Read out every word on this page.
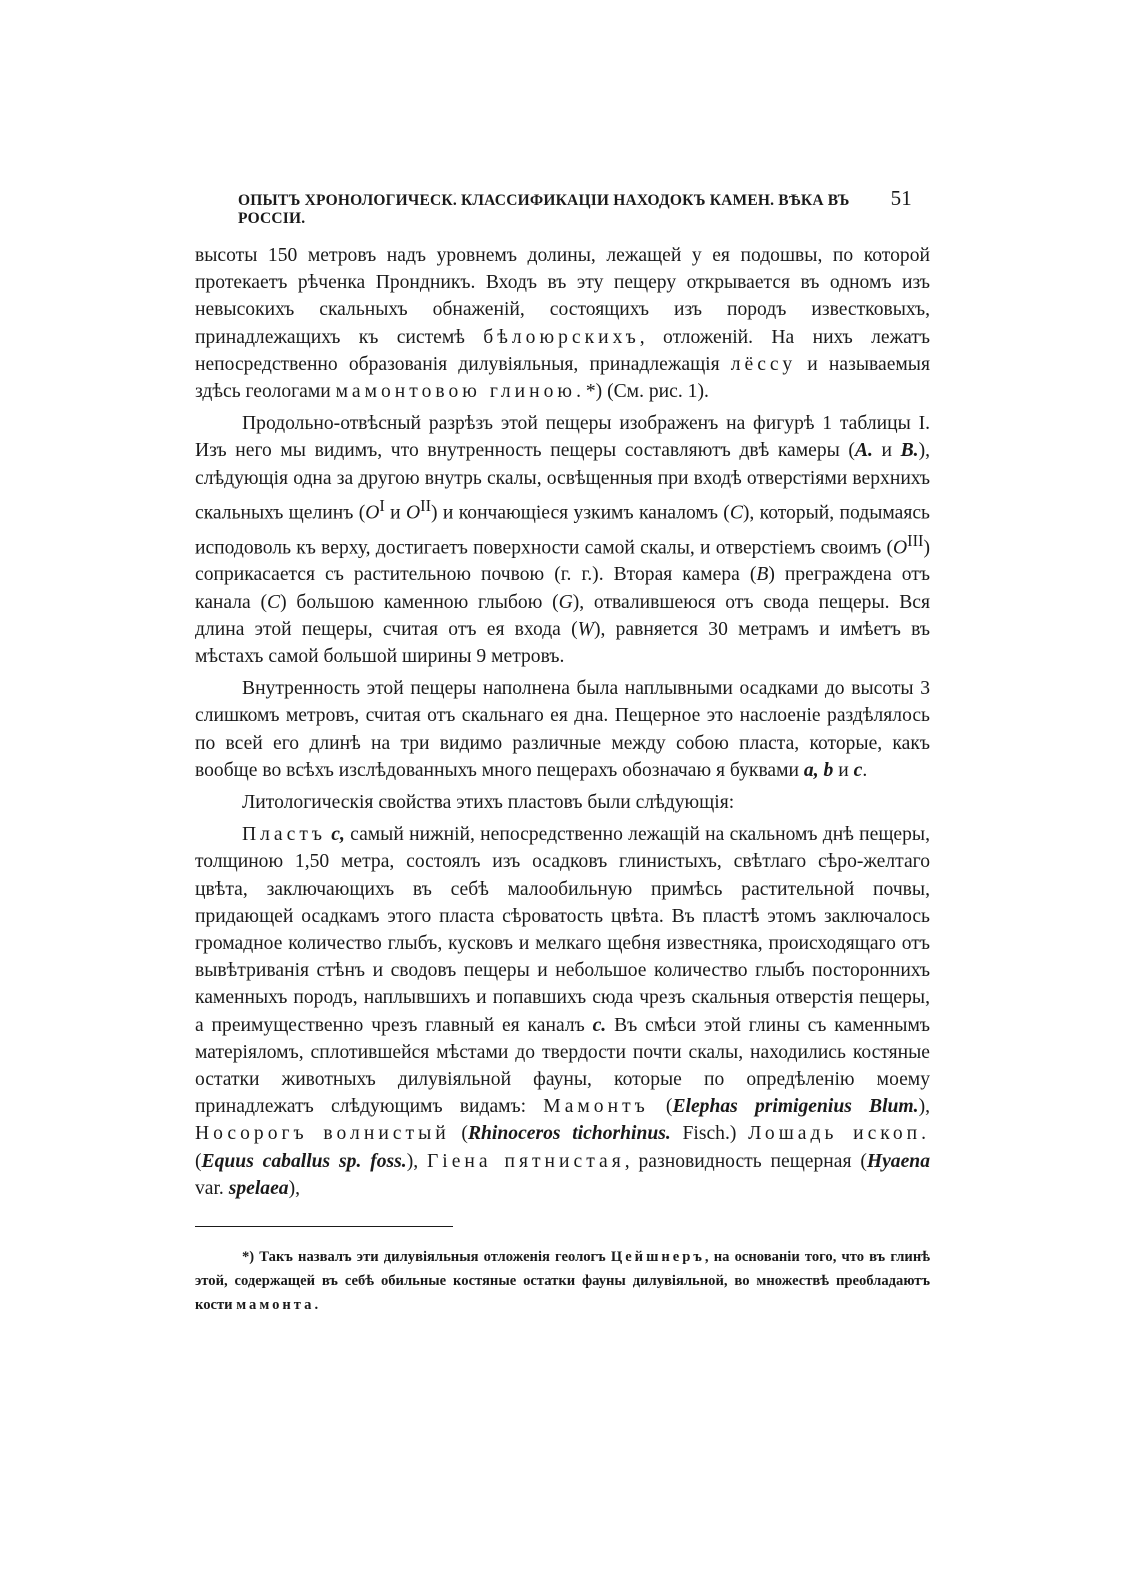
ОПЫТЪ ХРОНОЛОГИЧЕСК. КЛАССИФИКАЦІИ НАХОДОКЪ КАМЕН. ВѢКА ВЪ РОССІИ.
51

высоты 150 метровъ надъ уровнемъ долины, лежащей у ея подошвы, по которой протекаетъ рѣченка Прондникъ. Входъ въ эту пещеру открывается въ одномъ изъ невысокихъ скальныхъ обнаженій, состоящихъ изъ породъ известковыхъ, принадлежащихъ къ системѣ бѣлоюрскихъ, отложеній. На нихъ лежатъ непосредственно образованія дилувіяльныя, принадлежащія лёссу и называемыя здѣсь геологами мамонтовою глиною. *) (См. рис. 1).

Продольно-отвѣсный разрѣзъ этой пещеры изображенъ на фигурѣ 1 таблицы I. Изъ него мы видимъ, что внутренность пещеры составляютъ двѣ камеры (A. и B.), слѣдующія одна за другою внутрь скалы, освѣщенныя при входѣ отверстіями верхнихъ скальныхъ щелинъ ($O^I$ и $O^{II}$) и кончающіеся узкимъ каналомъ (C), который, подымаясь исподоволь къ верху, достигаетъ поверхности самой скалы, и отверстіемъ своимъ $(O^{III})$ соприкасается съ растительною почвою (г. г.). Вторая камера (B) преграждена отъ канала (C) большою каменною глыбою (G), отвалившеюся отъ свода пещеры. Вся длина этой пещеры, считая отъ ея входа (W), равняется 30 метрамъ и имѣетъ въ мѣстахъ самой большой ширины 9 метровъ.

Внутренность этой пещеры наполнена была наплывными осадками до высоты 3 слишкомъ метровъ, считая отъ скальнаго ея дна. Пещерное это наслоеніе раздѣлялось по всей его длинѣ на три видимо различные между собою пласта, которые, какъ вообще во всѣхъ изслѣдованныхъ много пещерахъ обозначаю я буквами a, b и c.

Литологическія свойства этихъ пластовъ были слѣдующія:

Пластъ c, самый нижній, непосредственно лежащій на скальномъ днѣ пещеры, толщиною 1,50 метра, состоялъ изъ осадковъ глинистыхъ, свѣтлаго сѣро-желтаго цвѣта, заключающихъ въ себѣ малообильную примѣсь растительной почвы, придающей осадкамъ этого пласта сѣроватость цвѣта. Въ пластѣ этомъ заключалось громадное количество глыбъ, кусковъ и мелкаго щебня известняка, происходящаго отъ вывѣтриванія стѣнъ и сводовъ пещеры и небольшое количество глыбъ постороннихъ каменныхъ породъ, наплывшихъ и попавшихъ сюда чрезъ скальныя отверстія пещеры, а преимущественно чрезъ главный ея каналъ c. Въ смѣси этой глины съ каменнымъ матеріяломъ, сплотившейся мѣстами до твердости почти скалы, находились костяные остатки животныхъ дилувіяльной фауны, которые по опредѣленію моему принадлежатъ слѣдующимъ видамъ: Мамонтъ (Elephas primigenius Blum.), Носорогъ волнистый (Rhinoceros tichorhinus. Fisch.) Лошадь ископ. (Equus caballus sp. foss.), Гіена пятнистая, разновидность пещерная (Hyaena var. spelaea),

*) Такъ назвалъ эти дилувіяльныя отложенія геологъ Цейшнеръ, на основаніи того, что въ глинѣ этой, содержащей въ себѣ обильные костяные остатки фауны дилувіяльной, во множествѣ преобладаютъ кости мамонта.
